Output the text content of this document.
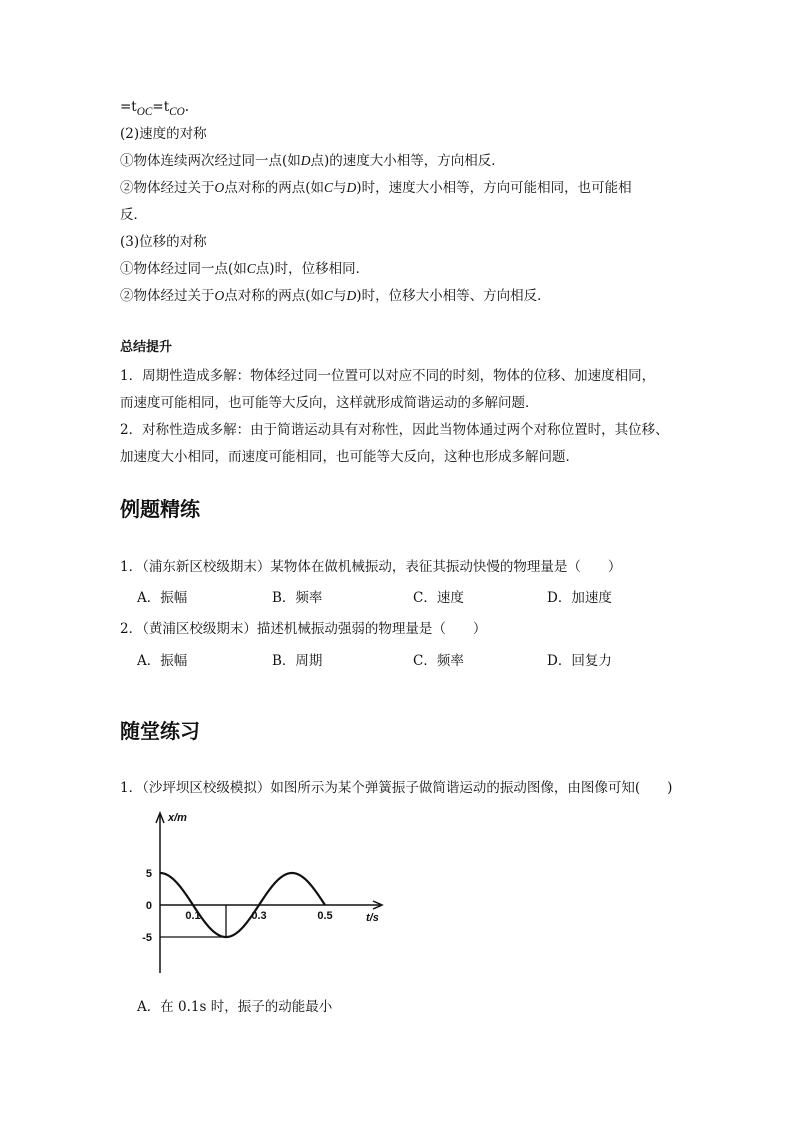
$=t_{OC}=t_{CO}$.
(2)速度的对称
①物体连续两次经过同一点(如D点)的速度大小相等，方向相反．
②物体经过关于O点对称的两点(如C与D)时，速度大小相等，方向可能相同，也可能相
反．
(3)位移的对称
①物体经过同一点(如C点)时，位移相同．
②物体经过关于O点对称的两点(如C与D)时，位移大小相等、方向相反．
总结提升
1．周期性造成多解：物体经过同一位置可以对应不同的时刻，物体的位移、加速度相同，
而速度可能相同，也可能等大反向，这样就形成简谐运动的多解问题．
2．对称性造成多解：由于简谐运动具有对称性，因此当物体通过两个对称位置时，其位移、
加速度大小相同，而速度可能相同，也可能等大反向，这种也形成多解问题．
例题精练
1．（浦东新区校级期末）某物体在做机械振动，表征其振动快慢的物理量是（　　）
A．振幅	B．频率	C．速度	D．加速度
2．（黄浦区校级期末）描述机械振动强弱的物理量是（　　）
A．振幅	B．周期	C．频率	D．回复力
随堂练习
1．（沙坪坝区校级模拟）如图所示为某个弹簧振子做简谐运动的振动图像，由图像可知(　　)
x/m
t/s
5
0
-5
0.1	0.3	0.5
A．在 0.1s 时，振子的动能最小
